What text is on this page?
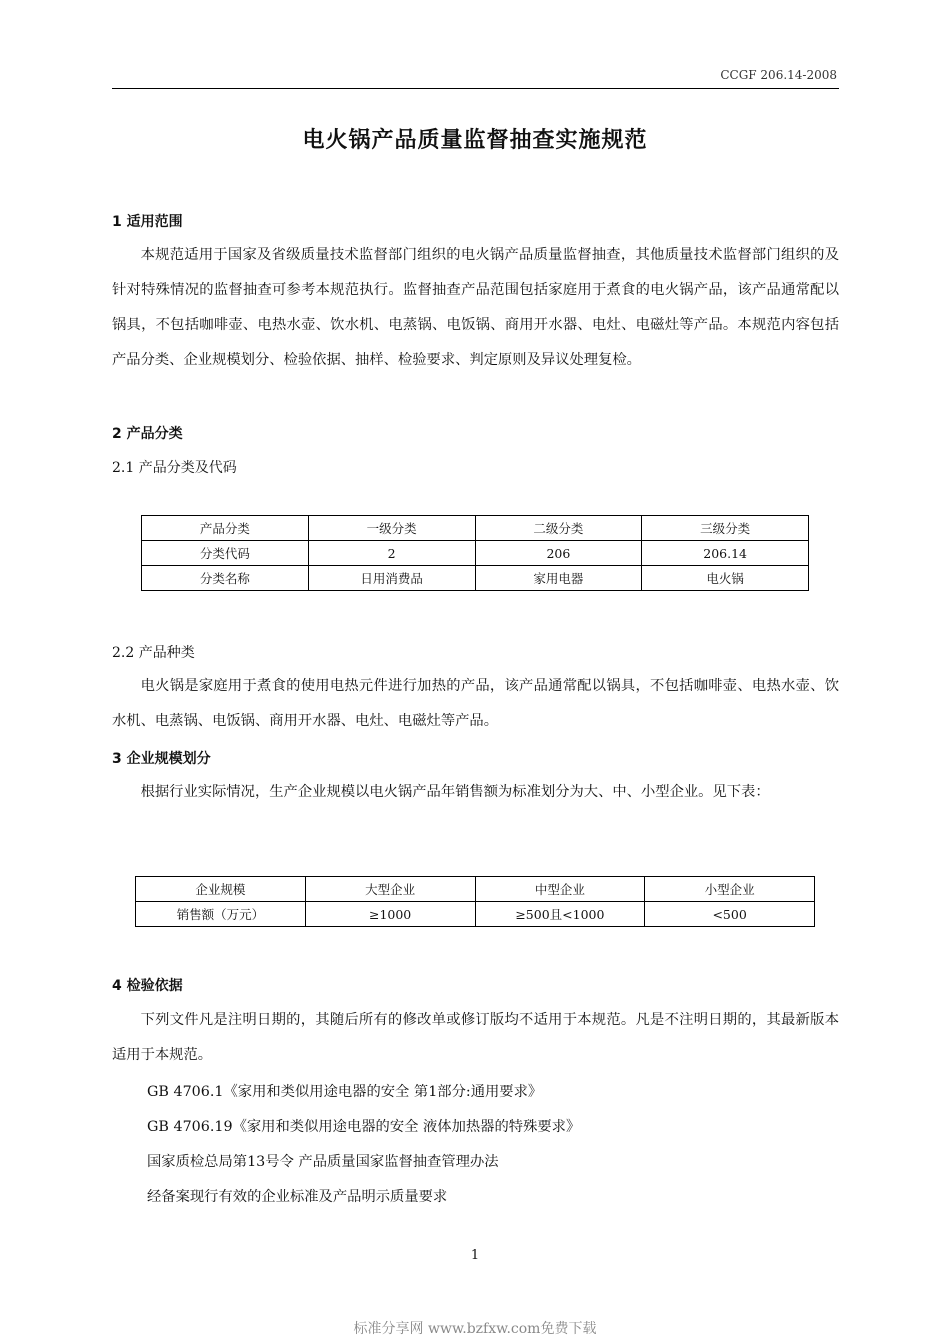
CCGF 206.14-2008
电火锅产品质量监督抽查实施规范
1 适用范围

本规范适用于国家及省级质量技术监督部门组织的电火锅产品质量监督抽查，其他质量技术监督部门组织的及针对特殊情况的监督抽查可参考本规范执行。监督抽查产品范围包括家庭用于煮食的电火锅产品，该产品通常配以锅具，不包括咖啡壶、电热水壶、饮水机、电蒸锅、电饭锅、商用开水器、电灶、电磁灶等产品。本规范内容包括产品分类、企业规模划分、检验依据、抽样、检验要求、判定原则及异议处理复检。

2 产品分类
2.1 产品分类及代码
产品分类	一级分类	二级分类	三级分类
分类代码	2	206	206.14
分类名称	日用消费品	家用电器	电火锅
2.2 产品种类

电火锅是家庭用于煮食的使用电热元件进行加热的产品，该产品通常配以锅具，不包括咖啡壶、电热水壶、饮水机、电蒸锅、电饭锅、商用开水器、电灶、电磁灶等产品。

3 企业规模划分

根据行业实际情况，生产企业规模以电火锅产品年销售额为标准划分为大、中、小型企业。见下表：

企业规模	大型企业	中型企业	小型企业
销售额（万元）	≥1000	≥500且<1000	<500
4 检验依据

下列文件凡是注明日期的，其随后所有的修改单或修订版均不适用于本规范。凡是不注明日期的，其最新版本适用于本规范。

GB 4706.1《家用和类似用途电器的安全 第1部分:通用要求》
GB 4706.19《家用和类似用途电器的安全 液体加热器的特殊要求》
国家质检总局第13号令 产品质量国家监督抽查管理办法
经备案现行有效的企业标准及产品明示质量要求
1
标准分享网 www.bzfxw.com免费下载
